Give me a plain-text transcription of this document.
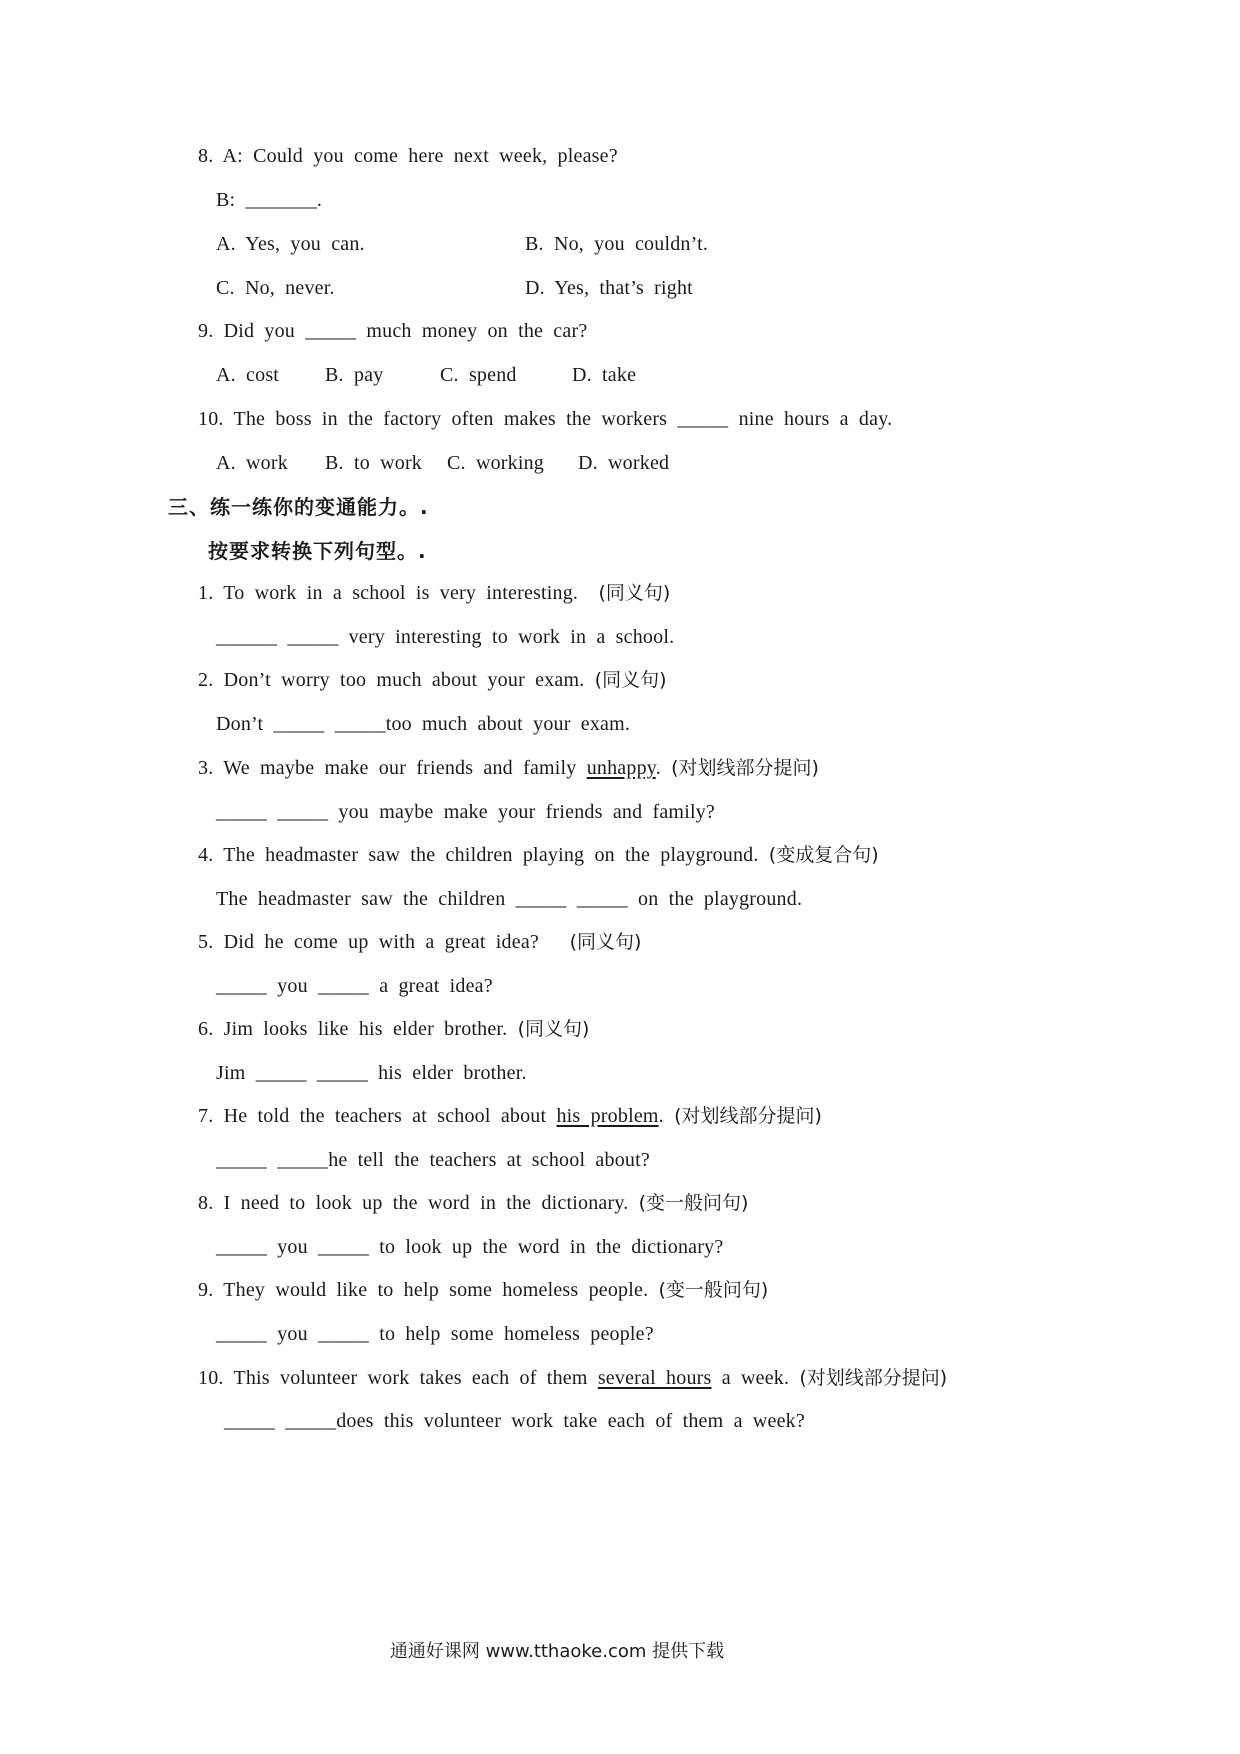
8. A: Could you come here next week, please?
B: _______.
A. Yes, you can.	B. No, you couldn’t.
C. No, never.	D. Yes, that’s right
9. Did you _____ much money on the car?
A. cost B. pay	C. spend	D. take
10. The boss in the factory often makes the workers _____ nine hours a day.
A. work B. to work C. working D. worked
三、练一练你的变通能力。.
按要求转换下列句型。.
1. To work in a school is very interesting.  (同义句)
______ _____ very interesting to work in a school.
2. Don’t worry too much about your exam. (同义句)
Don’t _____ _____too much about your exam.
3. We maybe make our friends and family unhappy. (对划线部分提问)
_____ _____ you maybe make your friends and family?
4. The headmaster saw the children playing on the playground. (变成复合句)
The headmaster saw the children _____ _____ on the playground.
5. Did he come up with a great idea?   (同义句)
_____ you _____ a great idea?
6. Jim looks like his elder brother. (同义句)
Jim _____ _____ his elder brother.
7. He told the teachers at school about his problem. (对划线部分提问)
_____ _____he tell the teachers at school about?
8. I need to look up the word in the dictionary. (变一般问句)
_____ you _____ to look up the word in the dictionary?
9. They would like to help some homeless people. (变一般问句)
_____ you _____ to help some homeless people?
10. This volunteer work takes each of them several hours a week. (对划线部分提问)
_____ _____does this volunteer work take each of them a week?
通通好课网 www.tthaoke.com 提供下载
